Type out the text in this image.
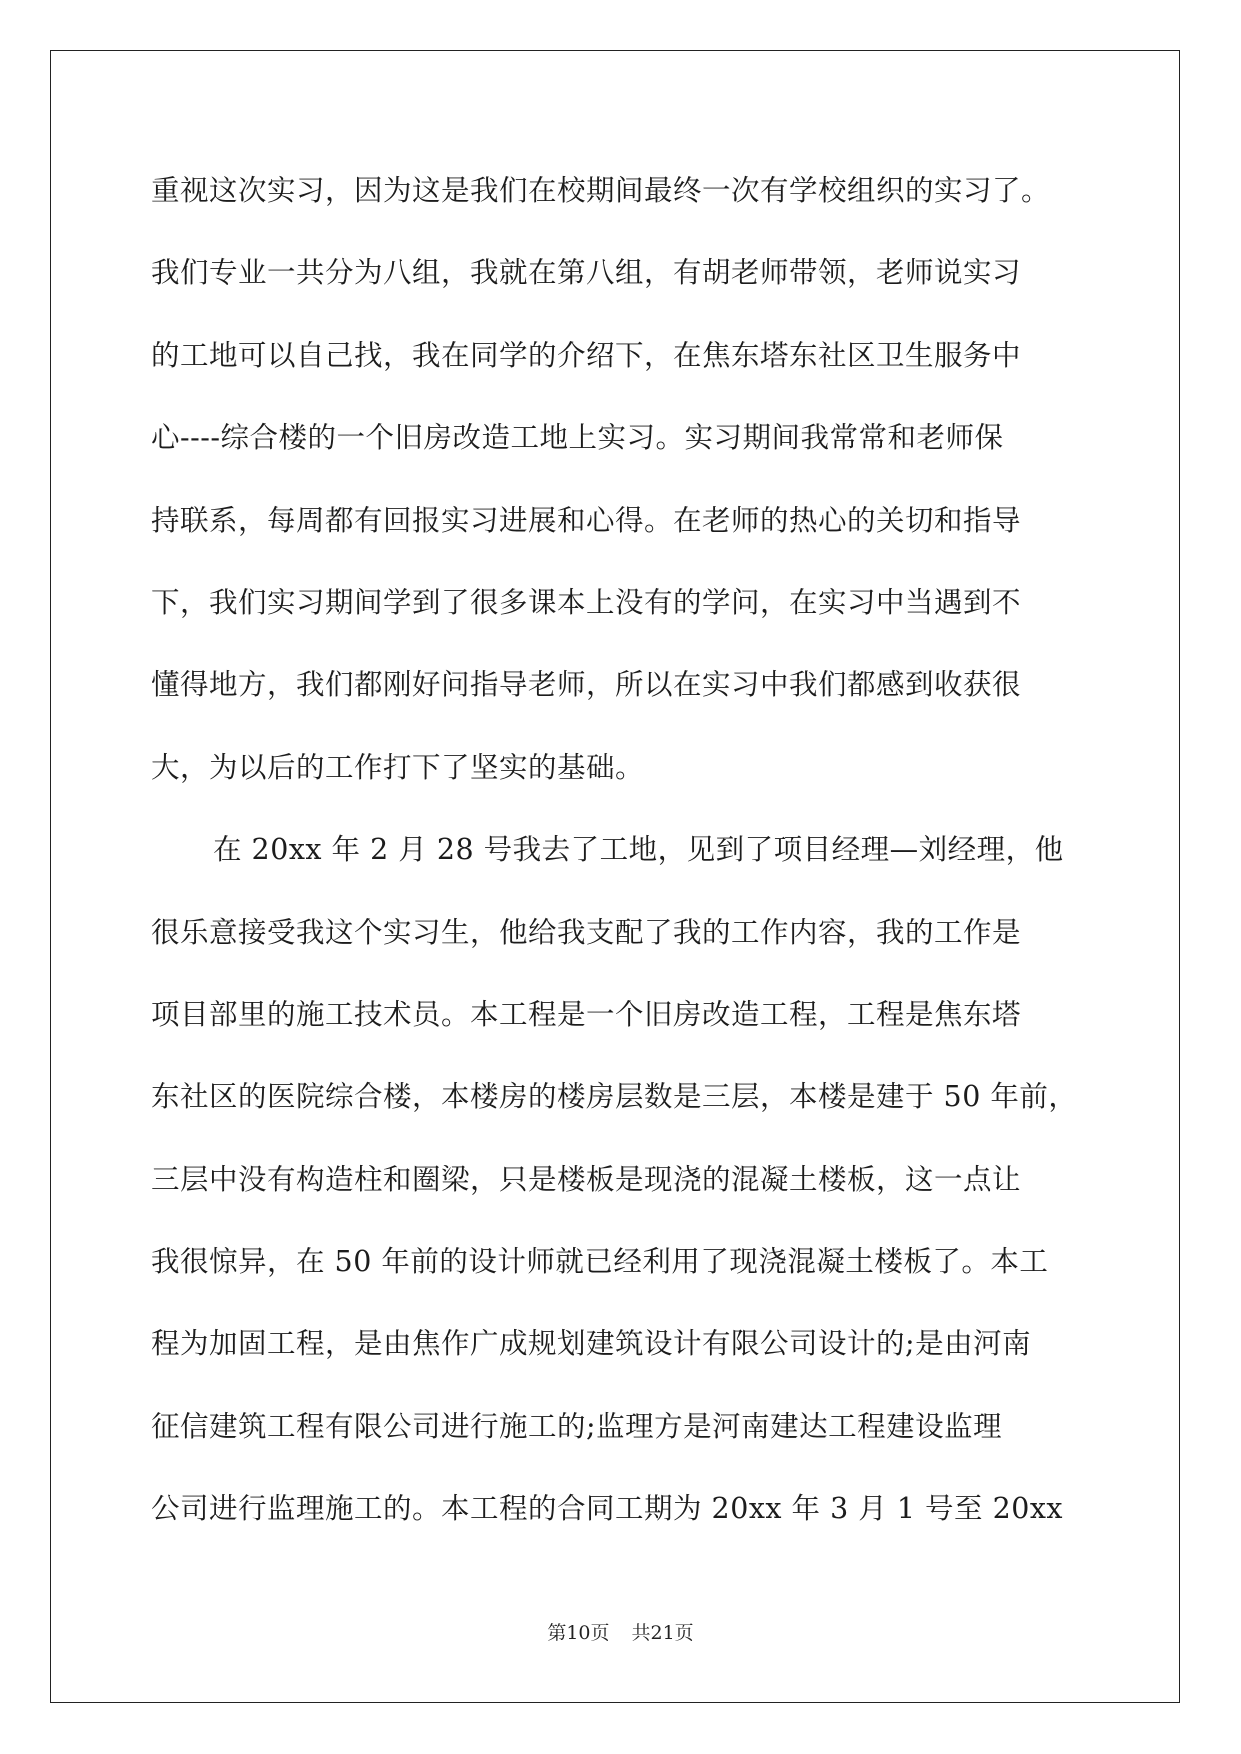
重视这次实习，因为这是我们在校期间最终一次有学校组织的实习了。
我们专业一共分为八组，我就在第八组，有胡老师带领，老师说实习
的工地可以自己找，我在同学的介绍下，在焦东塔东社区卫生服务中
心----综合楼的一个旧房改造工地上实习。实习期间我常常和老师保
持联系，每周都有回报实习进展和心得。在老师的热心的关切和指导
下，我们实习期间学到了很多课本上没有的学问，在实习中当遇到不
懂得地方，我们都刚好问指导老师，所以在实习中我们都感到收获很
大，为以后的工作打下了坚实的基础。
在 20xx 年 2 月 28 号我去了工地，见到了项目经理—刘经理，他
很乐意接受我这个实习生，他给我支配了我的工作内容，我的工作是
项目部里的施工技术员。本工程是一个旧房改造工程，工程是焦东塔
东社区的医院综合楼，本楼房的楼房层数是三层，本楼是建于 50 年前，
三层中没有构造柱和圈梁，只是楼板是现浇的混凝土楼板，这一点让
我很惊异，在 50 年前的设计师就已经利用了现浇混凝土楼板了。本工
程为加固工程，是由焦作广成规划建筑设计有限公司设计的;是由河南
征信建筑工程有限公司进行施工的;监理方是河南建达工程建设监理
公司进行监理施工的。本工程的合同工期为 20xx 年 3 月 1 号至 20xx
第10页 共21页
